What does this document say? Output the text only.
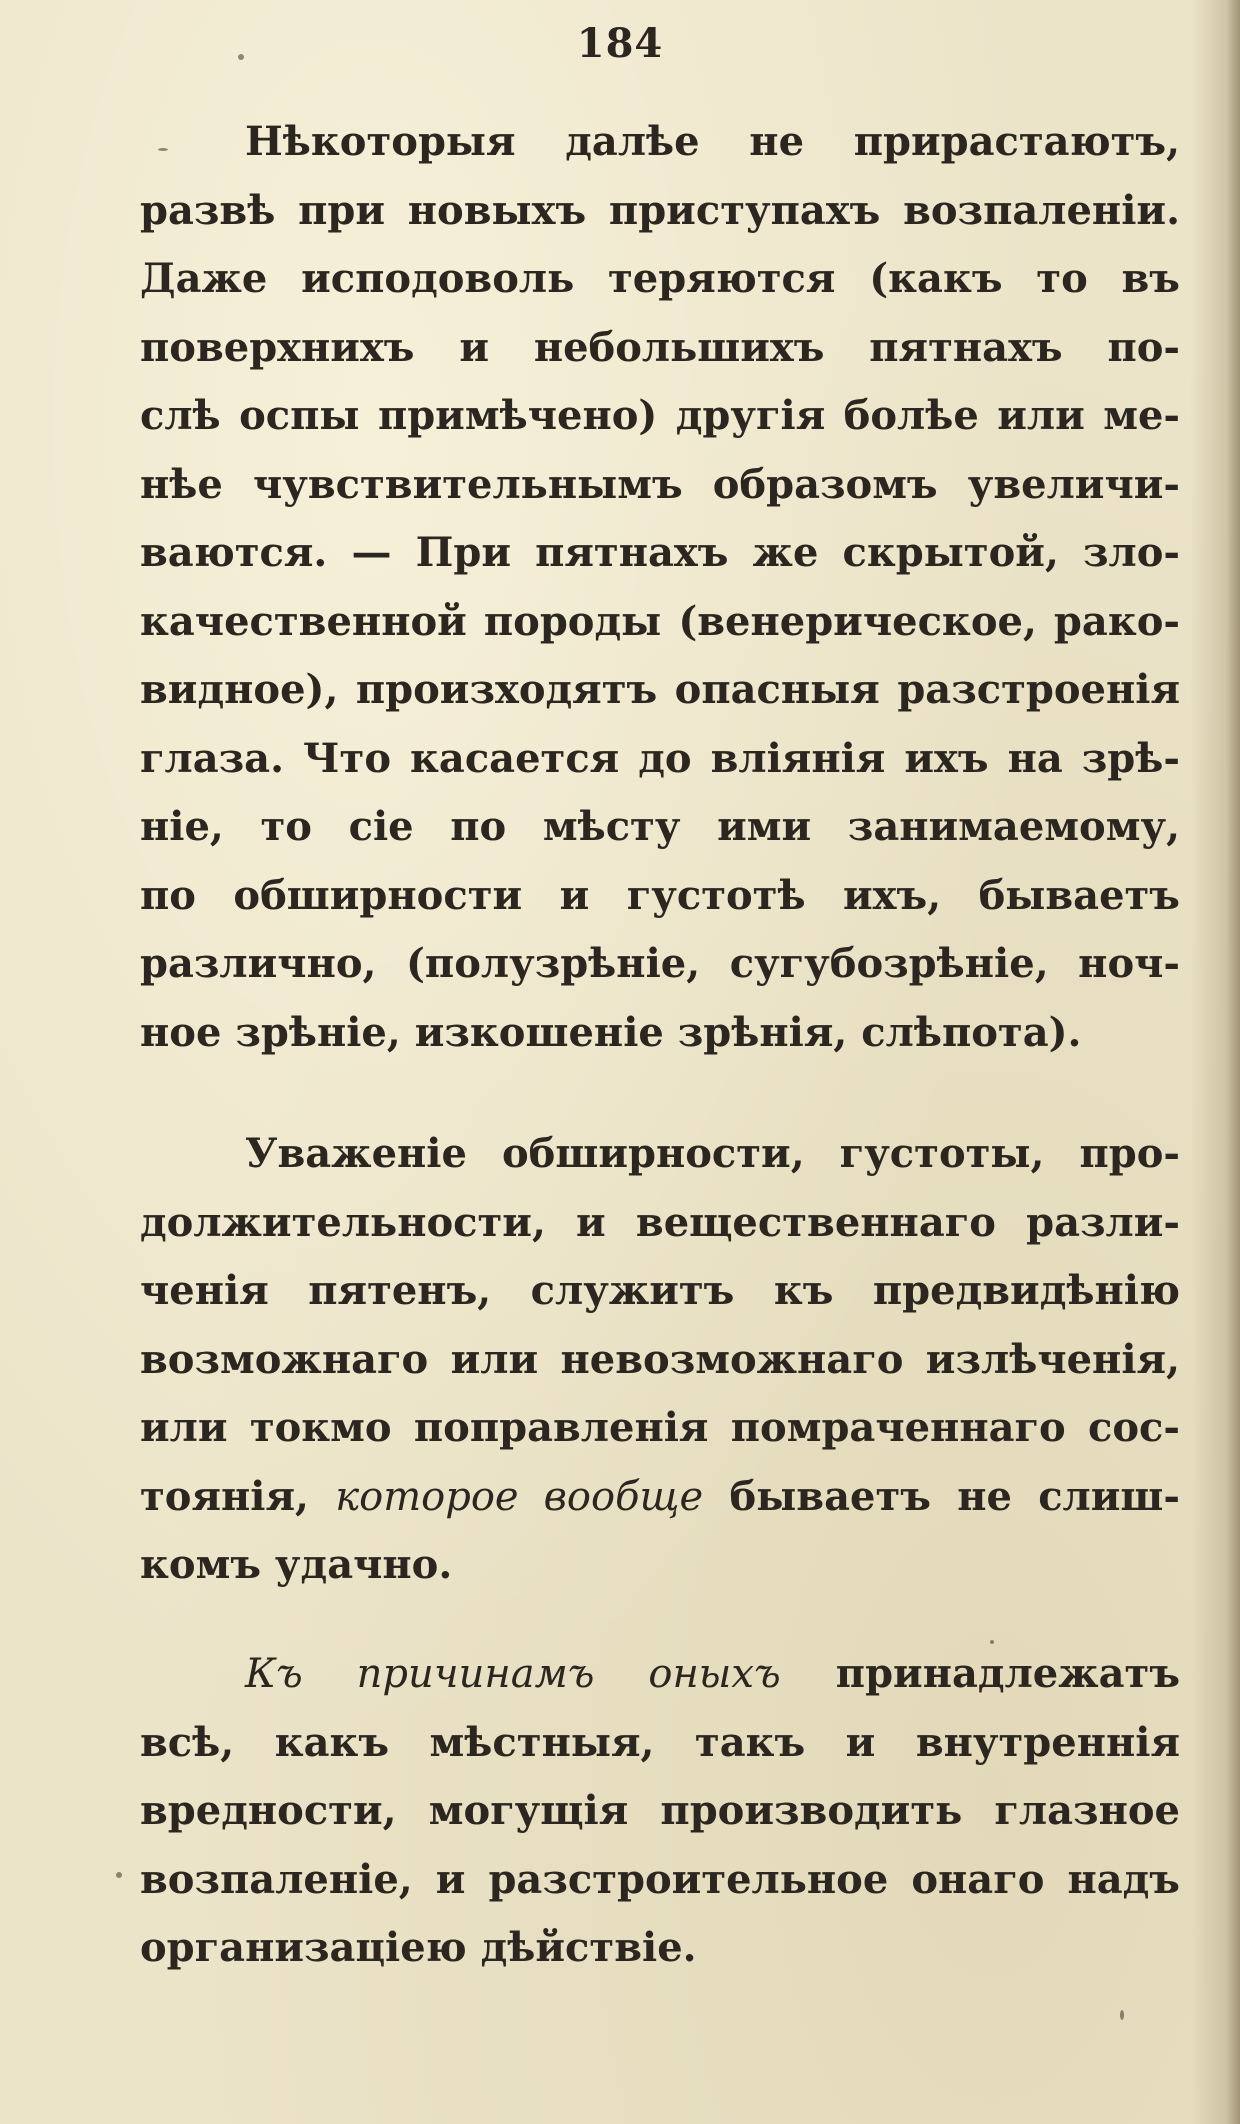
184
Нѣкоторыя далѣе не прирастаютъ,
развѣ при новыхъ приступахъ возпаленіи.
Даже исподоволь теряются (какъ то въ
поверхнихъ и небольшихъ пятнахъ по-
слѣ оспы примѣчено) другія болѣе или ме-
нѣе чувствительнымъ образомъ увеличи-
ваются. — При пятнахъ же скрытой, зло-
качественной породы (венерическое, рако-
видное), произходятъ опасныя разстроенія
глаза. Что касается до вліянія ихъ на зрѣ-
ніе, то сіе по мѣсту ими занимаемому,
по обширности и густотѣ ихъ, бываетъ
различно, (полузрѣніе, сугубозрѣніе, ноч-
ное зрѣніе, изкошеніе зрѣнія, слѣпота).
Уваженіе обширности, густоты, про-
должительности, и вещественнаго разли-
ченія пятенъ, служитъ къ предвидѣнію
возможнаго или невозможнаго излѣченія,
или токмо поправленія помраченнаго сос-
тоянія, которое вообще бываетъ не слиш-
комъ удачно.
Къ причинамъ оныхъ принадлежатъ
всѣ, какъ мѣстныя, такъ и внутреннія
вредности, могущія производить глазное
возпаленіе, и разстроительное онаго надъ
организаціею дѣйствіе.
